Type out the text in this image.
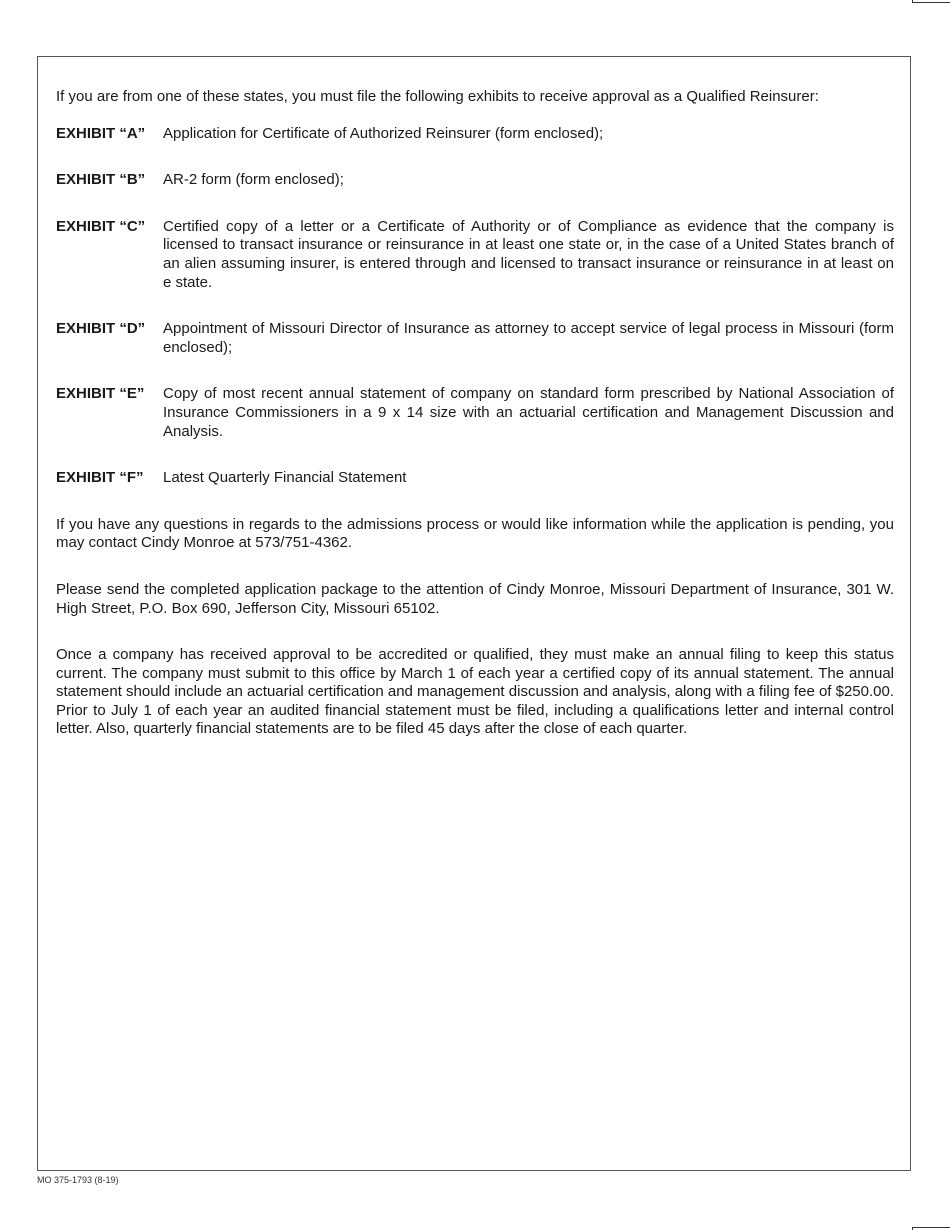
If you are from one of these states, you must file the following exhibits to receive approval as a Qualified Reinsurer:

EXHIBIT “A”	Application for Certificate of Authorized Reinsurer (form enclosed);
EXHIBIT “B”	AR-2 form (form enclosed);
EXHIBIT “C”	Certified copy of a letter or a Certificate of Authority or of Compliance as evidence that the company is licensed to transact insurance or reinsurance in at least one state or, in the case of a United States branch of an alien assuming insurer, is entered through and licensed to transact insurance or reinsurance in at least on e state.
EXHIBIT “D”	Appointment of Missouri Director of Insurance as attorney to accept service of legal process in Missouri (form enclosed);
EXHIBIT “E”	Copy of most recent annual statement of company on standard form prescribed by National Association of Insurance Commissioners in a 9 x 14 size with an actuarial certification and Management Discussion and Analysis.
EXHIBIT “F”	Latest Quarterly Financial Statement

If you have any questions in regards to the admissions process or would like information while the application is pending, you may contact Cindy Monroe at 573/751-4362.

Please send the completed application package to the attention of Cindy Monroe, Missouri Department of Insurance, 301 W. High Street, P.O. Box 690, Jefferson City, Missouri 65102.

Once a company has received approval to be accredited or qualified, they must make an annual filing to keep this status current. The company must submit to this office by March 1 of each year a certified copy of its annual statement. The annual statement should include an actuarial certification and management discussion and analysis, along with a filing fee of $250.00. Prior to July 1 of each year an audited financial statement must be filed, including a qualifications letter and internal control letter. Also, quarterly financial statements are to be filed 45 days after the close of each quarter.

MO 375-1793 (8-19)
